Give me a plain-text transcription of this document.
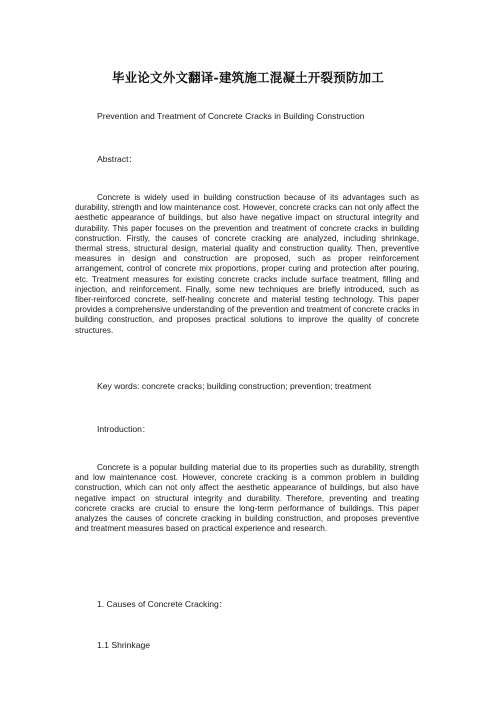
毕业论文外文翻译-建筑施工混凝土开裂预防加工
Prevention and Treatment of Concrete Cracks in Building Construction
Abstract：

Concrete is widely used in building construction because of its advantages such as durability, strength and low maintenance cost. However, concrete cracks can not only affect the aesthetic appearance of buildings, but also have negative impact on structural integrity and durability. This paper focuses on the prevention and treatment of concrete cracks in building construction. Firstly, the causes of concrete cracking are analyzed, including shrinkage, thermal stress, structural design, material quality and construction quality. Then, preventive measures in design and construction are proposed, such as proper reinforcement arrangement, control of concrete mix proportions, proper curing and protection after pouring, etc. Treatment measures for existing concrete cracks include surface treatment, filling and injection, and reinforcement. Finally, some new techniques are briefly introduced, such as fiber-reinforced concrete, self-healing concrete and material testing technology. This paper provides a comprehensive understanding of the prevention and treatment of concrete cracks in building construction, and proposes practical solutions to improve the quality of concrete structures.

Key words: concrete cracks; building construction; prevention; treatment
Introduction：

Concrete is a popular building material due to its properties such as durability, strength and low maintenance cost. However, concrete cracking is a common problem in building construction, which can not only affect the aesthetic appearance of buildings, but also have negative impact on structural integrity and durability. Therefore, preventing and treating concrete cracks are crucial to ensure the long-term performance of buildings. This paper analyzes the causes of concrete cracking in building construction, and proposes preventive and treatment measures based on practical experience and research.

1. Causes of Concrete Cracking：
1.1 Shrinkage
